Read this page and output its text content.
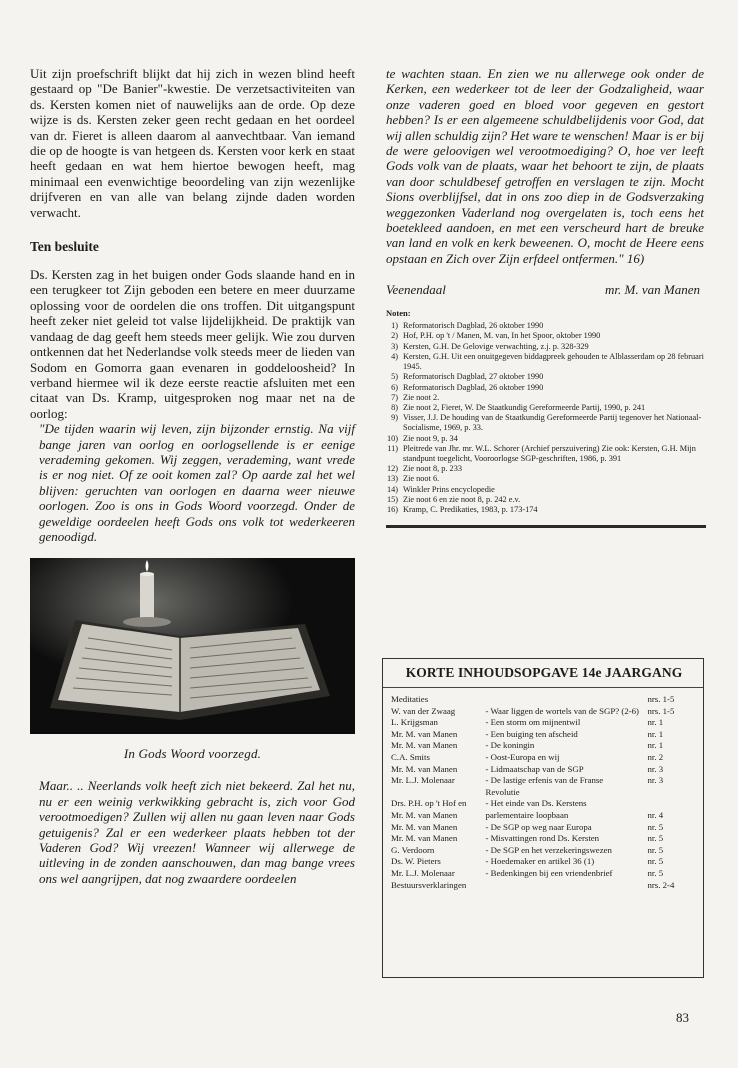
Uit zijn proefschrift blijkt dat hij zich in wezen blind heeft gestaard op "De Banier"-kwestie. De verzetsactiviteiten van ds. Kersten komen niet of nauwelijks aan de orde. Op deze wijze is ds. Kersten zeker geen recht gedaan en het oordeel van dr. Fieret is alleen daarom al aanvechtbaar. Van iemand die op de hoogte is van hetgeen ds. Kersten voor kerk en staat heeft gedaan en wat hem hiertoe bewogen heeft, mag minimaal een evenwichtige beoordeling van zijn wezenlijke drijfveren en van alle van belang zijnde daden worden verwacht.

Ten besluite

Ds. Kersten zag in het buigen onder Gods slaande hand en in een terugkeer tot Zijn geboden een betere en meer duurzame oplossing voor de oordelen die ons troffen. Dit uitgangspunt heeft zeker niet geleid tot valse lijdelijkheid. De praktijk van vandaag de dag geeft hem steeds meer gelijk. Wie zou durven ontkennen dat het Nederlandse volk steeds meer de lieden van Sodom en Gomorra gaan evenaren in goddeloosheid? In verband hiermee wil ik deze eerste reactie afsluiten met een citaat van Ds. Kramp, uitgesproken nog maar net na de oorlog:

"De tijden waarin wij leven, zijn bijzonder ernstig. Na vijf bange jaren van oorlog en oorlogsellende is er eenige verademing gekomen. Wij zeggen, verademing, want vrede is er nog niet. Of ze ooit komen zal? Op aarde zal het wel blijven: geruchten van oorlogen en daarna weer nieuwe oorlogen. Zoo is ons in Gods Woord voorzegd. Onder de geweldige oordeelen heeft Gods ons volk tot wederkeeren genoodigd.

In Gods Woord voorzegd.

Maar.. .. Neerlands volk heeft zich niet bekeerd. Zal het nu, nu er een weinig verkwikking gebracht is, zich voor God verootmoedigen? Zullen wij allen nu gaan leven naar Gods getuigenis? Zal er een wederkeer plaats hebben tot der Vaderen God? Wij vreezen! Wanneer wij allerwege de uitleving in de zonden aanschouwen, dan mag bange vrees ons wel aangrijpen, dat nog zwaardere oordeelen

te wachten staan. En zien we nu allerwege ook onder de Kerken, een wederkeer tot de leer der Godzaligheid, waar onze vaderen goed en bloed voor gegeven en gestort hebben? Is er een algemeene schuldbelijdenis voor God, dat wij allen schuldig zijn? Het ware te wenschen! Maar is er bij de were geloovigen wel verootmoediging? O, hoe ver leeft Gods volk van de plaats, waar het behoort te zijn, de plaats van door schuldbesef getroffen en verslagen te zijn. Mocht Sions overblijfsel, dat in ons zoo diep in de Godsverzaking weggezonken Vaderland nog overgelaten is, toch eens het boetekleed aandoen, en met een verscheurd hart de breuke van land en volk en kerk beweenen. O, mocht de Heere eens opstaan en Zich over Zijn erfdeel ontfermen." 16)

Veenendaal	mr. M. van Manen
Noten:
1) Reformatorisch Dagblad, 26 oktober 1990
2) Hof, P.H. op 't / Manen, M. van, In het Spoor, oktober 1990
3) Kersten, G.H. De Gelovige verwachting, z.j. p. 328-329
4) Kersten, G.H. Uit een onuitgegeven biddagpreek gehouden te Alblasserdam op 28 februari 1945.
5) Reformatorisch Dagblad, 27 oktober 1990
6) Reformatorisch Dagblad, 26 oktober 1990
7) Zie noot 2.
8) Zie noot 2, Fieret, W. De Staatkundig Gereformeerde Partij, 1990, p. 241
9) Visser, J.J. De houding van de Staatkundig Gereformeerde Partij tegenover het Nationaal-Socialisme, 1969, p. 33.
10) Zie noot 9, p. 34
11) Pleitrede van Jhr. mr. W.L. Schorer (Archief perszuivering) Zie ook: Kersten, G.H. Mijn standpunt toegelicht, Vooroorlogse SGP-geschriften, 1986, p. 391
12) Zie noot 8, p. 233
13) Zie noot 6.
14) Winkler Prins encyclopedie
15) Zie noot 6 en zie noot 8, p. 242 e.v.
16) Kramp, C. Predikaties, 1983, p. 173-174
KORTE INHOUDSOPGAVE 14e JAARGANG
Meditaties		nrs. 1-5
W. van der Zwaag	- Waar liggen de wortels van de SGP? (2-6)	nrs. 1-5
L. Krijgsman	- Een storm om mijnentwil	nr. 1
Mr. M. van Manen	- Een buiging ten afscheid	nr. 1
Mr. M. van Manen	- De koningin	nr. 1
C.A. Smits	- Oost-Europa en wij	nr. 2
Mr. M. van Manen	- Lidmaatschap van de SGP	nr. 3
Mr. L.J. Molenaar	- De lastige erfenis van de Franse Revolutie	nr. 3
Drs. P.H. op 't Hof en	- Het einde van Ds. Kerstens	
Mr. M. van Manen	parlementaire loopbaan	nr. 4
Mr. M. van Manen	- De SGP op weg naar Europa	nr. 5
Mr. M. van Manen	- Misvattingen rond Ds. Kersten	nr. 5
G. Verdoorn	- De SGP en het verzekeringswezen	nr. 5
Ds. W. Pieters	- Hoedemaker en artikel 36 (1)	nr. 5
Mr. L.J. Molenaar	- Bedenkingen bij een vriendenbrief	nr. 5
Bestuursverklaringen		nrs. 2-4
83
